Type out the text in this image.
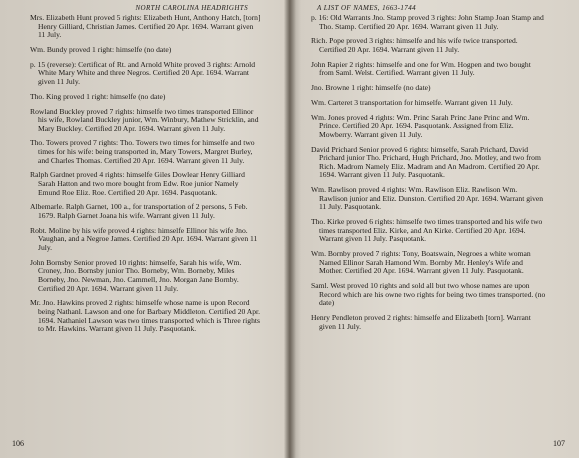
NORTH CAROLINA HEADRIGHTS

Mrs. Elizabeth Hunt proved 5 rights: Elizabeth Hunt, Anthony Hatch, [torn] Henry Gilliard, Christian James. Certified 20 Apr. 1694. Warrant given 11 July.

Wm. Bundy proved 1 right: himselfe (no date)

p. 15 (reverse): Certificat of Rt. and Arnold White proved 3 rights: Arnold White Mary White and three Negros. Certified 20 Apr. 1694. Warrant given 11 July.

Tho. King proved 1 right: himselfe (no date)

Rowland Buckley proved 7 rights: himselfe two times transported Ellinor his wife, Rowland Buckley junior, Wm. Winbury, Mathew Stricklin, and Mary Buckley. Certified 20 Apr. 1694. Warrant given 11 July.

Tho. Towers proved 7 rights: Tho. Towers two times for himselfe and two times for his wife: being transported in, Mary Towers, Margret Burley, and Charles Thomas. Certified 20 Apr. 1694. Warrant given 11 July.

Ralph Gardnet proved 4 rights: himselfe Giles Dowlear Henry Gilliard Sarah Hatton and two more bought from Edw. Roe junior Namely Emund Roe Eliz. Roe. Certified 20 Apr. 1694. Pasquotank.

Albemarle. Ralph Garnet, 100 a., for transportation of 2 persons, 5 Feb. 1679. Ralph Garnet Joana his wife. Warrant given 11 July.

Robt. Moline by his wife proved 4 rights: himselfe Ellinor his wife Jno. Vaughan, and a Negroe James. Certified 20 Apr. 1694. Warrant given 11 July.

John Bornsby Senior proved 10 rights: himselfe, Sarah his wife, Wm. Croney, Jno. Bornsby junior Tho. Borneby, Wm. Borneby, Miles Borneby, Jno. Newman, Jno. Cammell, Jno. Morgan Jane Bornby. Certified 20 Apr. 1694. Warrant given 11 July.

Mr. Jno. Hawkins proved 2 rights: himselfe whose name is upon Record being Nathanl. Lawson and one for Barbary Middleton. Certified 20 Apr. 1694. Nathaniel Lawson was two times transported which is Three rights to Mr. Hawkins. Warrant given 11 July. Pasquotank.

106
A LIST OF NAMES, 1663-1744

p. 16: Old Warrants Jno. Stamp proved 3 rights: John Stamp Joan Stamp and Tho. Stamp. Certified 20 Apr. 1694. Warrant given 11 July.

Rich. Pope proved 3 rights: himselfe and his wife twice transported. Certified 20 Apr. 1694. Warrant given 11 July.

John Rapier 2 rights: himselfe and one for Wm. Hogpen and two bought from Saml. Welst. Certified. Warrant given 11 July.

Jno. Browne 1 right: himselfe (no date)

Wm. Carteret 3 transportation for himselfe. Warrant given 11 July.

Wm. Jones proved 4 rights: Wm. Princ Sarah Princ Jane Princ and Wm. Prince. Certified 20 Apr. 1694. Pasquotank. Assigned from Eliz. Mowberry. Warrant given 11 July.

David Prichard Senior proved 6 rights: himselfe, Sarah Prichard, David Prichard junior Tho. Prichard, Hugh Prichard, Jno. Motley, and two from Rich. Madrom Namely Eliz. Madram and An Madrom. Certified 20 Apr. 1694. Warrant given 11 July. Pasquotank.

Wm. Rawlison proved 4 rights: Wm. Rawlison Eliz. Rawlison Wm. Rawlison junior and Eliz. Dunston. Certified 20 Apr. 1694. Warrant given 11 July. Pasquotank.

Tho. Kirke proved 6 rights: himselfe two times transported and his wife two times transported Eliz. Kirke, and An Kirke. Certified 20 Apr. 1694. Warrant given 11 July. Pasquotank.

Wm. Bornby proved 7 rights: Tony, Boatswain, Negroes a white woman Named Ellinor Sarah Hamond Wm. Bornby Mr. Henley's Wife and Mother. Certified 20 Apr. 1694. Warrant given 11 July. Pasquotank.

Saml. West proved 10 rights and sold all but two whose names are upon Record which are his owne two rights for being two times transported. (no date)

Henry Pendleton proved 2 rights: himselfe and Elizabeth [torn]. Warrant given 11 July.

107
